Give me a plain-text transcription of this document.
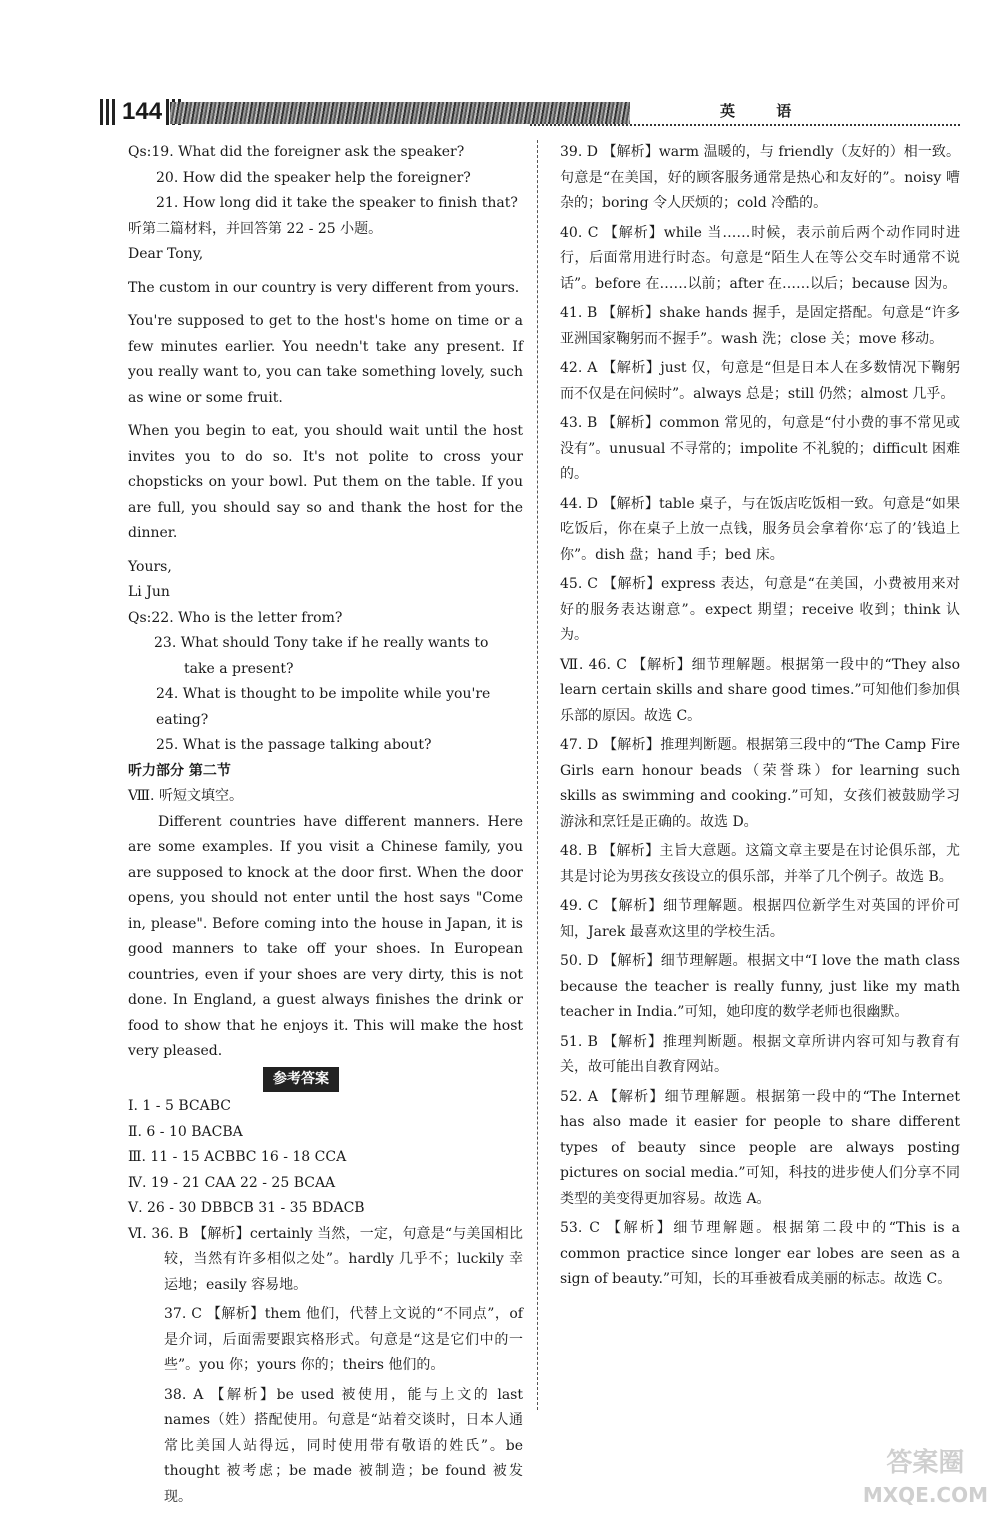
144	英 语

Qs:19. What did the foreigner ask the speaker?

20. How did the speaker help the foreigner?

21. How long did it take the speaker to finish that?

听第二篇材料，并回答第 22 - 25 小题。

Dear Tony,

The custom in our country is very different from yours.

You're supposed to get to the host's home on time or a few minutes earlier. You needn't take any present. If you really want to, you can take something lovely, such as wine or some fruit.

When you begin to eat, you should wait until the host invites you to do so. It's not polite to cross your chopsticks on your bowl. Put them on the table. If you are full, you should say so and thank the host for the dinner.

Yours,

Li Jun

Qs:22. Who is the letter from?

23. What should Tony take if he really wants to take a present?

24. What is thought to be impolite while you're eating?

25. What is the passage talking about?

听力部分 第二节

Ⅷ. 听短文填空。

Different countries have different manners. Here are some examples. If you visit a Chinese family, you are supposed to knock at the door first. When the door opens, you should not enter until the host says "Come in, please". Before coming into the house in Japan, it is good manners to take off your shoes. In European countries, even if your shoes are very dirty, this is not done. In England, a guest always finishes the drink or food to show that he enjoys it. This will make the host very pleased.

参考答案

Ⅰ. 1 - 5 BCABC

Ⅱ. 6 - 10 BACBA

Ⅲ. 11 - 15 ACBBC 16 - 18 CCA

Ⅳ. 19 - 21 CAA 22 - 25 BCAA

Ⅴ. 26 - 30 DBBCB 31 - 35 BDACB

Ⅵ. 36. B 【解析】certainly 当然，一定，句意是“与美国相比较，当然有许多相似之处”。hardly 几乎不；luckily 幸运地；easily 容易地。

37. C 【解析】them 他们，代替上文说的“不同点”，of 是介词，后面需要跟宾格形式。句意是“这是它们中的一些”。you 你；yours 你的；theirs 他们的。

38. A 【解析】be used 被使用，能与上文的 last names（姓）搭配使用。句意是“站着交谈时，日本人通常比美国人站得远，同时使用带有敬语的姓氏”。be thought 被考虑；be made 被制造；be found 被发现。

39. D 【解析】warm 温暖的，与 friendly（友好的）相一致。句意是“在美国，好的顾客服务通常是热心和友好的”。noisy 嘈杂的；boring 令人厌烦的；cold 冷酷的。

40. C 【解析】while 当……时候，表示前后两个动作同时进行，后面常用进行时态。句意是“陌生人在等公交车时通常不说话”。before 在……以前；after 在……以后；because 因为。

41. B 【解析】shake hands 握手，是固定搭配。句意是“许多亚洲国家鞠躬而不握手”。wash 洗；close 关；move 移动。

42. A 【解析】just 仅，句意是“但是日本人在多数情况下鞠躬而不仅是在问候时”。always 总是；still 仍然；almost 几乎。

43. B 【解析】common 常见的，句意是“付小费的事不常见或没有”。unusual 不寻常的；impolite 不礼貌的；difficult 困难的。

44. D 【解析】table 桌子，与在饭店吃饭相一致。句意是“如果吃饭后，你在桌子上放一点钱，服务员会拿着你‘忘了的’钱追上你”。dish 盘；hand 手；bed 床。

45. C 【解析】express 表达，句意是“在美国，小费被用来对好的服务表达谢意”。expect 期望；receive 收到；think 认为。

Ⅶ. 46. C 【解析】细节理解题。根据第一段中的“They also learn certain skills and share good times.”可知他们参加俱乐部的原因。故选 C。

47. D 【解析】推理判断题。根据第三段中的“The Camp Fire Girls earn honour beads（荣誉珠）for learning such skills as swimming and cooking.”可知，女孩们被鼓励学习游泳和烹饪是正确的。故选 D。

48. B 【解析】主旨大意题。这篇文章主要是在讨论俱乐部，尤其是讨论为男孩女孩设立的俱乐部，并举了几个例子。故选 B。

49. C 【解析】细节理解题。根据四位新学生对英国的评价可知，Jarek 最喜欢这里的学校生活。

50. D 【解析】细节理解题。根据文中“I love the math class because the teacher is really funny, just like my math teacher in India.”可知，她印度的数学老师也很幽默。

51. B 【解析】推理判断题。根据文章所讲内容可知与教育有关，故可能出自教育网站。

52. A 【解析】细节理解题。根据第一段中的“The Internet has also made it easier for people to share different types of beauty since people are always posting pictures on social media.”可知，科技的进步使人们分享不同类型的美变得更加容易。故选 A。

53. C 【解析】细节理解题。根据第二段中的“This is a common practice since longer ear lobes are seen as a sign of beauty.”可知，长的耳垂被看成美丽的标志。故选 C。

答案圈
MXQE.COM
